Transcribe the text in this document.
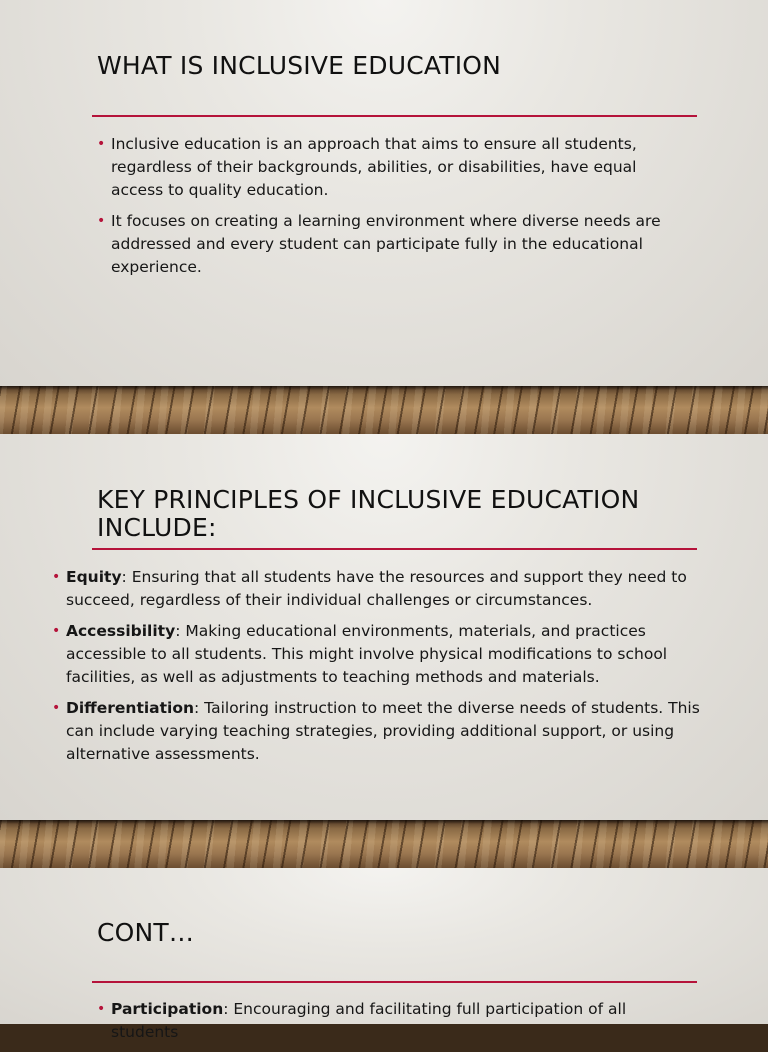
WHAT IS INCLUSIVE EDUCATION
• Inclusive education is an approach that aims to ensure all students, regardless of their backgrounds, abilities, or disabilities, have equal access to quality education.
• It focuses on creating a learning environment where diverse needs are addressed and every student can participate fully in the educational experience.
KEY PRINCIPLES OF INCLUSIVE EDUCATION INCLUDE:
• Equity: Ensuring that all students have the resources and support they need to succeed, regardless of their individual challenges or circumstances.
• Accessibility: Making educational environments, materials, and practices accessible to all students. This might involve physical modifications to school facilities, as well as adjustments to teaching methods and materials.
• Differentiation: Tailoring instruction to meet the diverse needs of students. This can include varying teaching strategies, providing additional support, or using alternative assessments.
CONT…
• Participation: Encouraging and facilitating full participation of all students
